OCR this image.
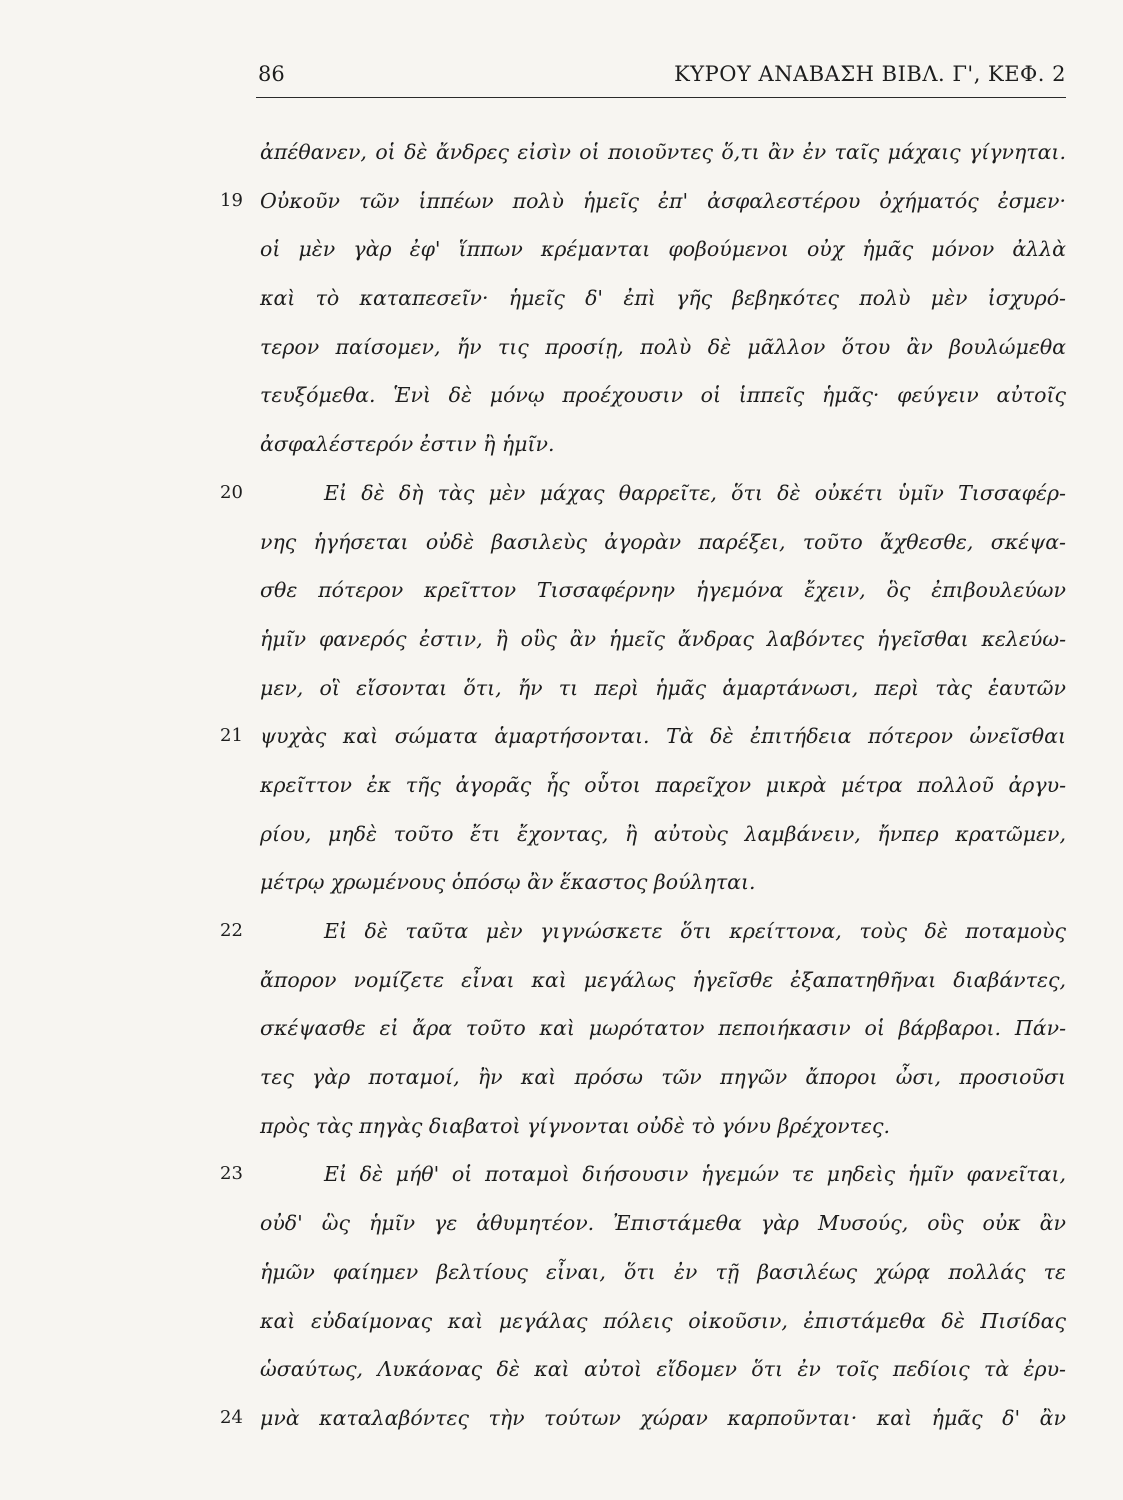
86	ΚΥΡΟΥ ΑΝΑΒΑΣΗ ΒΙΒΛ. Γ', ΚΕΦ. 2
ἀπέθανεν, οἱ δὲ ἄνδρες εἰσὶν οἱ ποιοῦντες ὅ,τι ἂν ἐν ταῖς μάχαις γίγνηται.
19 Οὐκοῦν τῶν ἱππέων πολὺ ἡμεῖς ἐπ' ἀσφαλεστέρου ὀχήματός ἐσμεν·
οἱ μὲν γὰρ ἐφ' ἵππων κρέμανται φοβούμενοι οὐχ ἡμᾶς μόνον ἀλλὰ
καὶ τὸ καταπεσεῖν· ἡμεῖς δ' ἐπὶ γῆς βεβηκότες πολὺ μὲν ἰσχυρό-
τερον παίσομεν, ἤν τις προσίῃ, πολὺ δὲ μᾶλλον ὅτου ἂν βουλώμεθα
τευξόμεθα. Ἑνὶ δὲ μόνῳ προέχουσιν οἱ ἱππεῖς ἡμᾶς· φεύγειν αὐτοῖς
ἀσφαλέστερόν ἐστιν ἢ ἡμῖν.
20	Εἰ δὲ δὴ τὰς μὲν μάχας θαρρεῖτε, ὅτι δὲ οὐκέτι ὑμῖν Τισσαφέρ-
νης ἡγήσεται οὐδὲ βασιλεὺς ἀγορὰν παρέξει, τοῦτο ἄχθεσθε, σκέψα-
σθε πότερον κρεῖττον Τισσαφέρνην ἡγεμόνα ἔχειν, ὃς ἐπιβουλεύων
ἡμῖν φανερός ἐστιν, ἢ οὓς ἂν ἡμεῖς ἄνδρας λαβόντες ἡγεῖσθαι κελεύω-
μεν, οἳ εἴσονται ὅτι, ἤν τι περὶ ἡμᾶς ἁμαρτάνωσι, περὶ τὰς ἑαυτῶν
21 ψυχὰς καὶ σώματα ἁμαρτήσονται. Τὰ δὲ ἐπιτήδεια πότερον ὠνεῖσθαι
κρεῖττον ἐκ τῆς ἀγορᾶς ἧς οὗτοι παρεῖχον μικρὰ μέτρα πολλοῦ ἀργυ-
ρίου, μηδὲ τοῦτο ἔτι ἔχοντας, ἢ αὐτοὺς λαμβάνειν, ἤνπερ κρατῶμεν,
μέτρῳ χρωμένους ὁπόσῳ ἂν ἕκαστος βούληται.
22	Εἰ δὲ ταῦτα μὲν γιγνώσκετε ὅτι κρείττονα, τοὺς δὲ ποταμοὺς
ἄπορον νομίζετε εἶναι καὶ μεγάλως ἡγεῖσθε ἐξαπατηθῆναι διαβάντες,
σκέψασθε εἰ ἄρα τοῦτο καὶ μωρότατον πεποιήκασιν οἱ βάρβαροι. Πάν-
τες γὰρ ποταμοί, ἢν καὶ πρόσω τῶν πηγῶν ἄποροι ὦσι, προσιοῦσι
πρὸς τὰς πηγὰς διαβατοὶ γίγνονται οὐδὲ τὸ γόνυ βρέχοντες.
23	Εἰ δὲ μήθ' οἱ ποταμοὶ διήσουσιν ἡγεμών τε μηδεὶς ἡμῖν φανεῖται,
οὐδ' ὣς ἡμῖν γε ἀθυμητέον. Ἐπιστάμεθα γὰρ Μυσούς, οὓς οὐκ ἂν
ἡμῶν φαίημεν βελτίους εἶναι, ὅτι ἐν τῇ βασιλέως χώρᾳ πολλάς τε
καὶ εὐδαίμονας καὶ μεγάλας πόλεις οἰκοῦσιν, ἐπιστάμεθα δὲ Πισίδας
ὡσαύτως, Λυκάονας δὲ καὶ αὐτοὶ εἴδομεν ὅτι ἐν τοῖς πεδίοις τὰ ἐρυ-
24 μνὰ καταλαβόντες τὴν τούτων χώραν καρποῦνται· καὶ ἡμᾶς δ' ἂν
